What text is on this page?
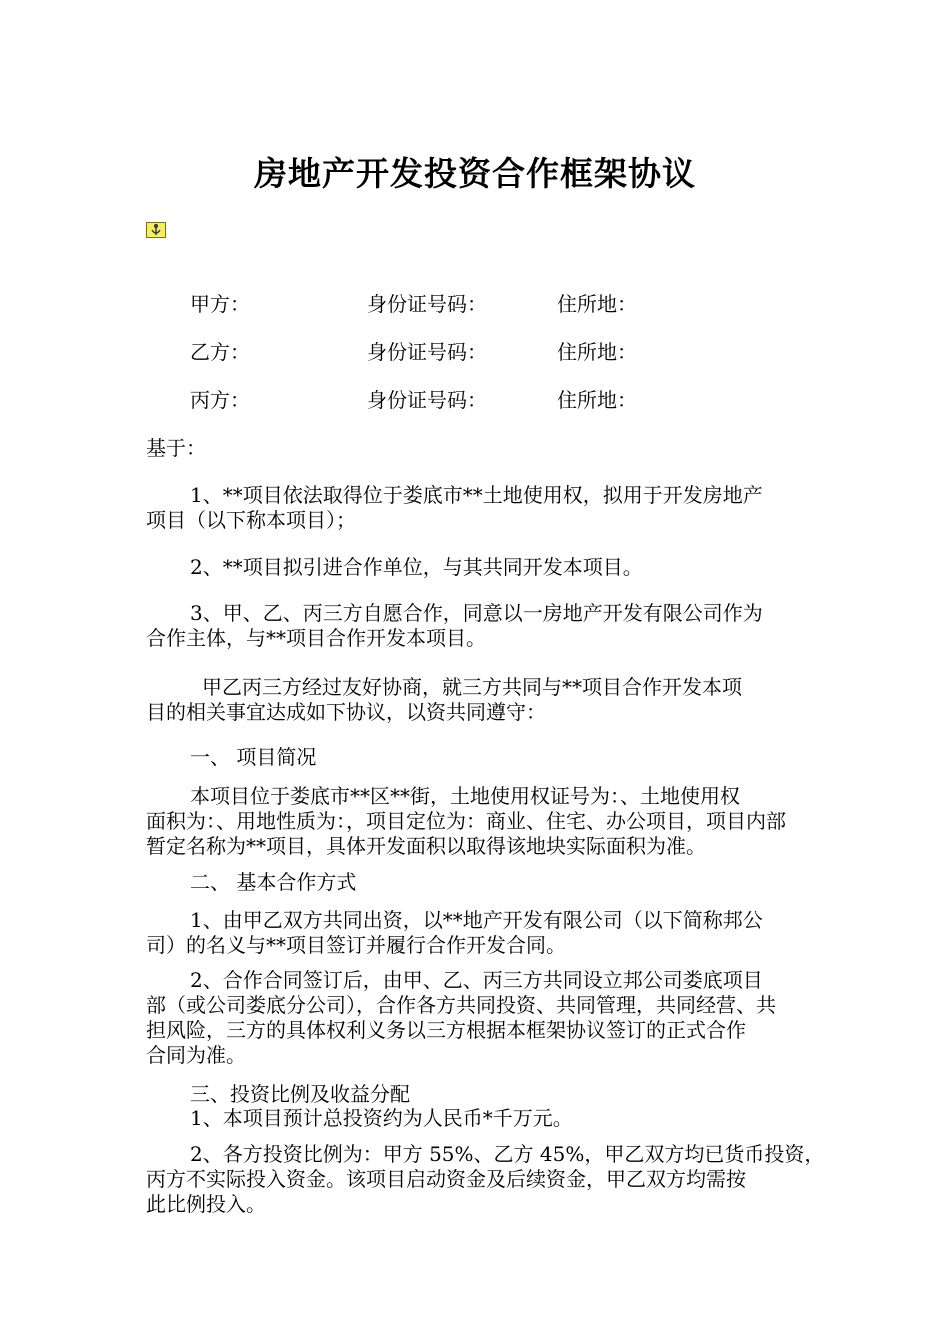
房地产开发投资合作框架协议
甲方：	身份证号码：	住所地：
乙方：	身份证号码：	住所地：
丙方：	身份证号码：	住所地：
基于：
1、**项目依法取得位于娄底市**土地使用权，拟用于开发房地产
项目（以下称本项目）；
2、**项目拟引进合作单位，与其共同开发本项目。
3、甲、乙、丙三方自愿合作，同意以一房地产开发有限公司作为
合作主体，与**项目合作开发本项目。
甲乙丙三方经过友好协商，就三方共同与**项目合作开发本项
目的相关事宜达成如下协议，以资共同遵守：
一、 项目简况
本项目位于娄底市**区**街，土地使用权证号为：、土地使用权
面积为：、用地性质为：，项目定位为：商业、住宅、办公项目，项目内部
暂定名称为**项目，具体开发面积以取得该地块实际面积为准。
二、 基本合作方式
1、由甲乙双方共同出资，以**地产开发有限公司（以下简称邦公
司）的名义与**项目签订并履行合作开发合同。
2、合作合同签订后，由甲、乙、丙三方共同设立邦公司娄底项目
部（或公司娄底分公司），合作各方共同投资、共同管理，共同经营、共
担风险，三方的具体权利义务以三方根据本框架协议签订的正式合作
合同为准。
三、投资比例及收益分配
1、本项目预计总投资约为人民币*千万元。
2、各方投资比例为：甲方 55%、乙方 45%，甲乙双方均已货币投资，
丙方不实际投入资金。该项目启动资金及后续资金，甲乙双方均需按
此比例投入。
